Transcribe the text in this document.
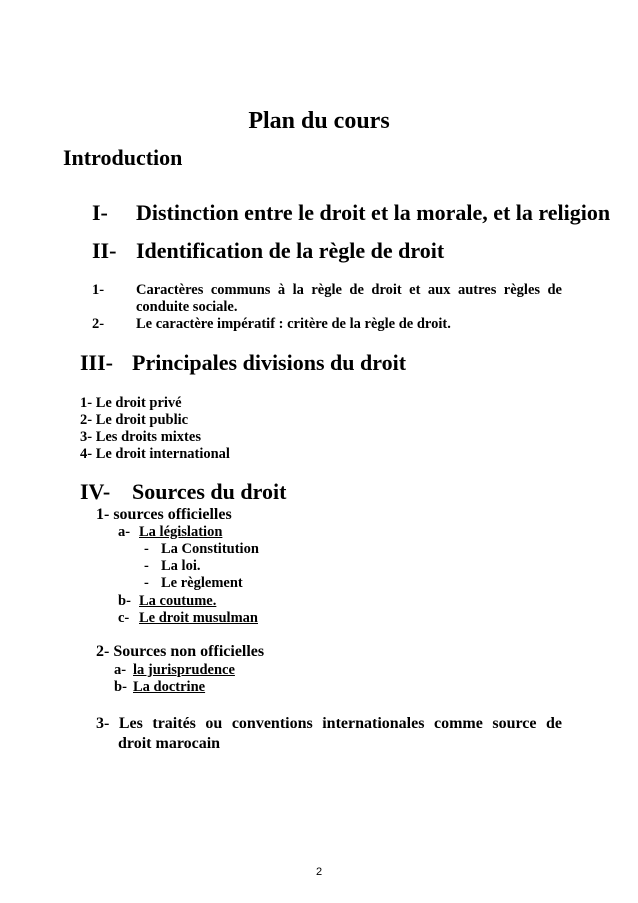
Plan du cours
Introduction
I- Distinction entre le droit et la morale, et la religion
II- Identification de la règle de droit
1- Caractères communs à la règle de droit et aux autres règles de
conduite sociale.
2- Le caractère impératif : critère de la règle de droit.
III- Principales divisions du droit
1- Le droit privé
2- Le droit public
3- Les droits mixtes
4- Le droit international
IV- Sources du droit
1- sources officielles
a- La législation
- La Constitution
- La loi.
- Le règlement
b- La coutume.
c- Le droit musulman
2- Sources non officielles
a- la jurisprudence
b- La doctrine
3- Les traités ou conventions internationales comme source de
droit marocain
2
